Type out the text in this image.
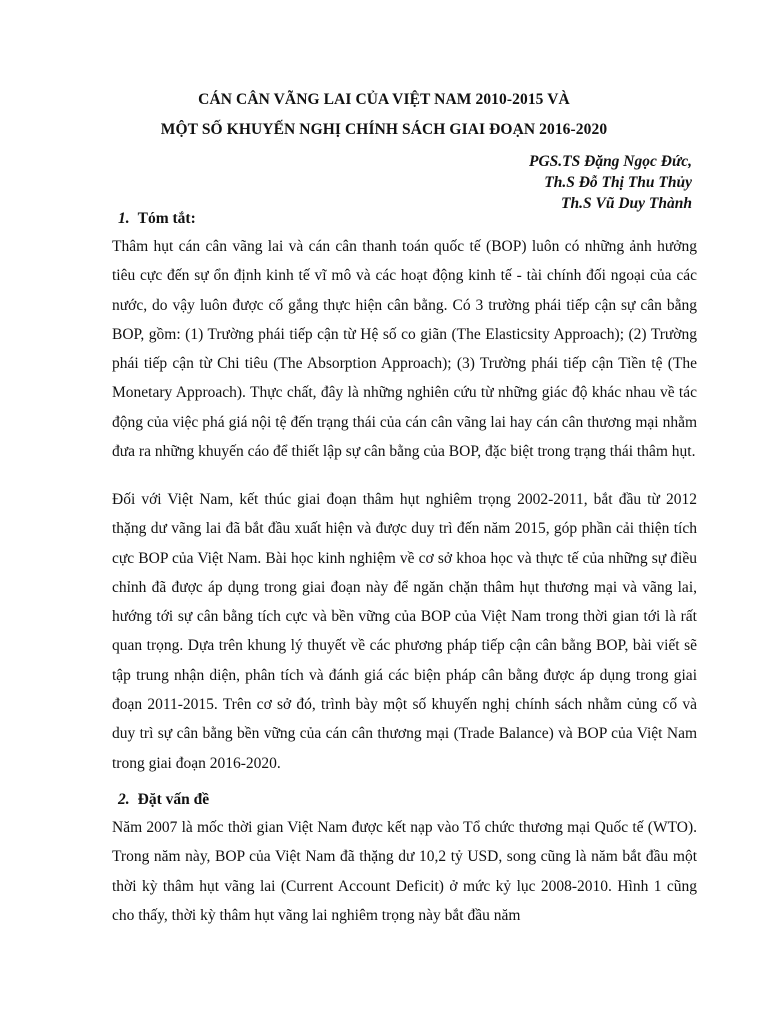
CÁN CÂN VÃNG LAI CỦA VIỆT NAM 2010-2015 VÀ
MỘT SỐ KHUYẾN NGHỊ CHÍNH SÁCH GIAI ĐOẠN 2016-2020
PGS.TS Đặng Ngọc Đức,
Th.S Đỗ Thị Thu Thủy
Th.S Vũ Duy Thành
1. Tóm tắt:

Thâm hụt cán cân vãng lai và cán cân thanh toán quốc tế (BOP) luôn có những ảnh hưởng tiêu cực đến sự ổn định kinh tế vĩ mô và các hoạt động kinh tế - tài chính đối ngoại của các nước, do vậy luôn được cố gắng thực hiện cân bằng. Có 3 trường phái tiếp cận sự cân bằng BOP, gồm: (1) Trường phái tiếp cận từ Hệ số co giãn (The Elasticsity Approach); (2) Trường phái tiếp cận từ Chi tiêu (The Absorption Approach); (3) Trường phái tiếp cận Tiền tệ (The Monetary Approach). Thực chất, đây là những nghiên cứu từ những giác độ khác nhau về tác động của việc phá giá nội tệ đến trạng thái của cán cân vãng lai hay cán cân thương mại nhằm đưa ra những khuyến cáo để thiết lập sự cân bằng của BOP, đặc biệt trong trạng thái thâm hụt.

Đối với Việt Nam, kết thúc giai đoạn thâm hụt nghiêm trọng 2002-2011, bắt đầu từ 2012 thặng dư vãng lai đã bắt đầu xuất hiện và được duy trì đến năm 2015, góp phần cải thiện tích cực BOP của Việt Nam. Bài học kinh nghiệm về cơ sở khoa học và thực tế của những sự điều chỉnh đã được áp dụng trong giai đoạn này để ngăn chặn thâm hụt thương mại và vãng lai, hướng tới sự cân bằng tích cực và bền vững của BOP của Việt Nam trong thời gian tới là rất quan trọng. Dựa trên khung lý thuyết về các phương pháp tiếp cận cân bằng BOP, bài viết sẽ tập trung nhận diện, phân tích và đánh giá các biện pháp cân bằng được áp dụng trong giai đoạn 2011-2015. Trên cơ sở đó, trình bày một số khuyến nghị chính sách nhằm củng cố và duy trì sự cân bằng bền vững của cán cân thương mại (Trade Balance) và BOP của Việt Nam trong giai đoạn 2016-2020.

2. Đặt vấn đề

Năm 2007 là mốc thời gian Việt Nam được kết nạp vào Tổ chức thương mại Quốc tế (WTO). Trong năm này, BOP của Việt Nam đã thặng dư 10,2 tỷ USD, song cũng là năm bắt đầu một thời kỳ thâm hụt vãng lai (Current Account Deficit) ở mức kỷ lục 2008-2010. Hình 1 cũng cho thấy, thời kỳ thâm hụt vãng lai nghiêm trọng này bắt đầu năm
